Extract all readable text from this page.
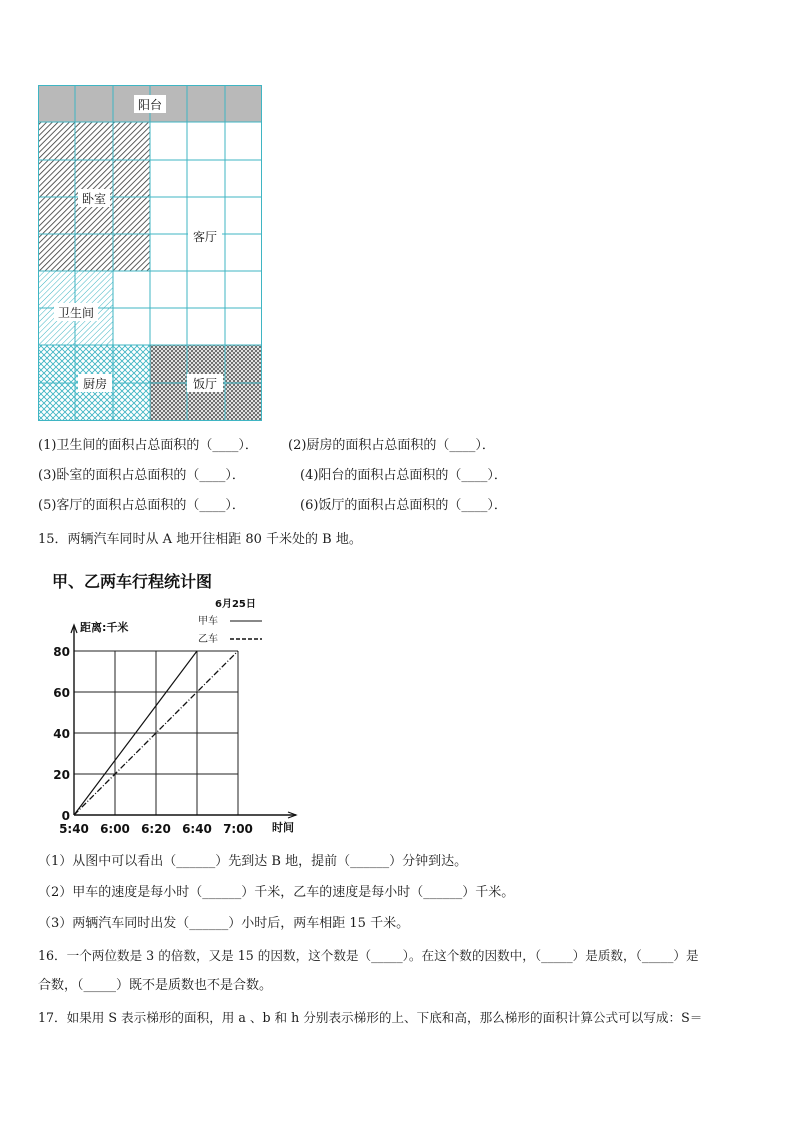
阳台
卧室
客厅
卫生间
厨房	饭厅
(1)卫生间的面积占总面积的（____）． (2)厨房的面积占总面积的（____）．
(3)卧室的面积占总面积的（____）．	(4)阳台的面积占总面积的（____）．
(5)客厅的面积占总面积的（____）．	(6)饭厅的面积占总面积的（____）．
15．两辆汽车同时从 A 地开往相距 80 千米处的 B 地。
甲、乙两车行程统计图
6月25日
甲车
乙车
距离:千米
时间
0
20
40
60
80
5:40 6:00 6:20 6:40 7:00
（1）从图中可以看出（______）先到达 B 地，提前（______）分钟到达。
（2）甲车的速度是每小时（______）千米，乙车的速度是每小时（______）千米。
（3）两辆汽车同时出发（______）小时后，两车相距 15 千米。
16．一个两位数是 3 的倍数，又是 15 的因数，这个数是（_____）。在这个数的因数中，（_____）是质数，（_____）是
合数，（_____）既不是质数也不是合数。
17．如果用 S 表示梯形的面积，用 a 、b 和 h 分别表示梯形的上、下底和高，那么梯形的面积计算公式可以写成：S＝
